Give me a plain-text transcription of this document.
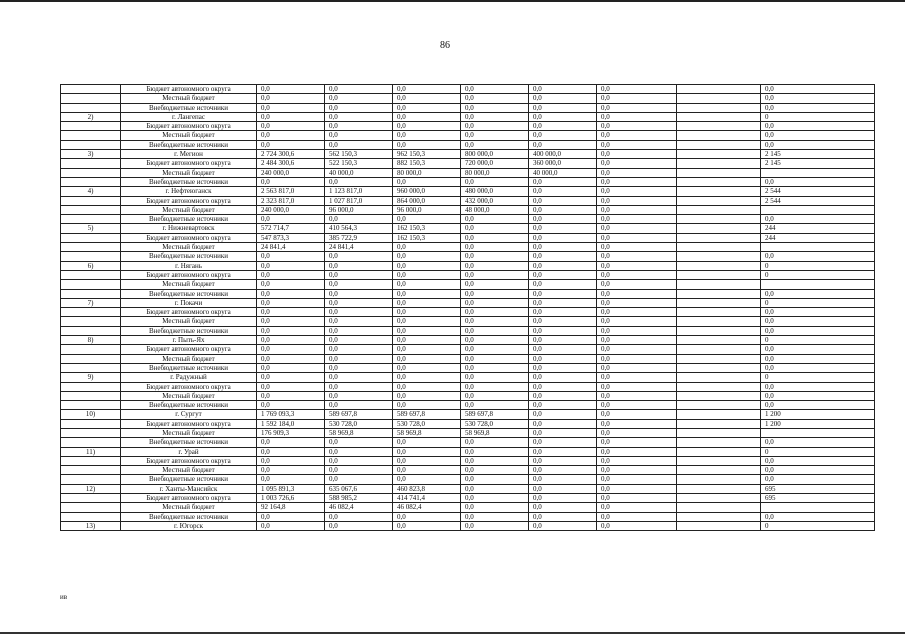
86
	Бюджет автономного округа	0,0	0,0	0,0	0,0	0,0	0,0		0,0
	Местный бюджет	0,0	0,0	0,0	0,0	0,0	0,0		0,0
	Внебюджетные источники	0,0	0,0	0,0	0,0	0,0	0,0		0,0
2)	г. Лангепас	0,0	0,0	0,0	0,0	0,0	0,0		0
	Бюджет автономного округа	0,0	0,0	0,0	0,0	0,0	0,0		0,0
	Местный бюджет	0,0	0,0	0,0	0,0	0,0	0,0		0,0
	Внебюджетные источники	0,0	0,0	0,0	0,0	0,0	0,0		0,0
3)	г. Мегион	2 724 300,6	562 150,3	962 150,3	800 000,0	400 000,0	0,0		2 145
	Бюджет автономного округа	2 484 300,6	522 150,3	882 150,3	720 000,0	360 000,0	0,0		2 145
	Местный бюджет	240 000,0	40 000,0	80 000,0	80 000,0	40 000,0	0,0		
	Внебюджетные источники	0,0	0,0	0,0	0,0	0,0	0,0		0,0
4)	г. Нефтеюганск	2 563 817,0	1 123 817,0	960 000,0	480 000,0	0,0	0,0		2 544
	Бюджет автономного округа	2 323 817,0	1 027 817,0	864 000,0	432 000,0	0,0	0,0		2 544
	Местный бюджет	240 000,0	96 000,0	96 000,0	48 000,0	0,0	0,0		
	Внебюджетные источники	0,0	0,0	0,0	0,0	0,0	0,0		0,0
5)	г. Нижневартовск	572 714,7	410 564,3	162 150,3	0,0	0,0	0,0		244
	Бюджет автономного округа	547 873,3	385 722,9	162 150,3	0,0	0,0	0,0		244
	Местный бюджет	24 841,4	24 841,4	0,0	0,0	0,0	0,0		
	Внебюджетные источники	0,0	0,0	0,0	0,0	0,0	0,0		0,0
6)	г. Нягань	0,0	0,0	0,0	0,0	0,0	0,0		0
	Бюджет автономного округа	0,0	0,0	0,0	0,0	0,0	0,0		0
	Местный бюджет	0,0	0,0	0,0	0,0	0,0	0,0		
	Внебюджетные источники	0,0	0,0	0,0	0,0	0,0	0,0		0,0
7)	г. Покачи	0,0	0,0	0,0	0,0	0,0	0,0		0
	Бюджет автономного округа	0,0	0,0	0,0	0,0	0,0	0,0		0,0
	Местный бюджет	0,0	0,0	0,0	0,0	0,0	0,0		0,0
	Внебюджетные источники	0,0	0,0	0,0	0,0	0,0	0,0		0,0
8)	г. Пыть-Ях	0,0	0,0	0,0	0,0	0,0	0,0		0
	Бюджет автономного округа	0,0	0,0	0,0	0,0	0,0	0,0		0,0
	Местный бюджет	0,0	0,0	0,0	0,0	0,0	0,0		0,0
	Внебюджетные источники	0,0	0,0	0,0	0,0	0,0	0,0		0,0
9)	г. Радужный	0,0	0,0	0,0	0,0	0,0	0,0		0
	Бюджет автономного округа	0,0	0,0	0,0	0,0	0,0	0,0		0,0
	Местный бюджет	0,0	0,0	0,0	0,0	0,0	0,0		0,0
	Внебюджетные источники	0,0	0,0	0,0	0,0	0,0	0,0		0,0
10)	г. Сургут	1 769 093,3	589 697,8	589 697,8	589 697,8	0,0	0,0		1 200
	Бюджет автономного округа	1 592 184,0	530 728,0	530 728,0	530 728,0	0,0	0,0		1 200
	Местный бюджет	176 909,3	58 969,8	58 969,8	58 969,8	0,0	0,0		
	Внебюджетные источники	0,0	0,0	0,0	0,0	0,0	0,0		0,0
11)	г. Урай	0,0	0,0	0,0	0,0	0,0	0,0		0
	Бюджет автономного округа	0,0	0,0	0,0	0,0	0,0	0,0		0,0
	Местный бюджет	0,0	0,0	0,0	0,0	0,0	0,0		0,0
	Внебюджетные источники	0,0	0,0	0,0	0,0	0,0	0,0		0,0
12)	г. Ханты-Мансийск	1 095 891,3	635 067,6	460 823,8	0,0	0,0	0,0		695
	Бюджет автономного округа	1 003 726,6	588 985,2	414 741,4	0,0	0,0	0,0		695
	Местный бюджет	92 164,8	46 082,4	46 082,4	0,0	0,0	0,0		
	Внебюджетные источники	0,0	0,0	0,0	0,0	0,0	0,0		0,0
13)	г. Югорск	0,0	0,0	0,0	0,0	0,0	0,0		0
ив
